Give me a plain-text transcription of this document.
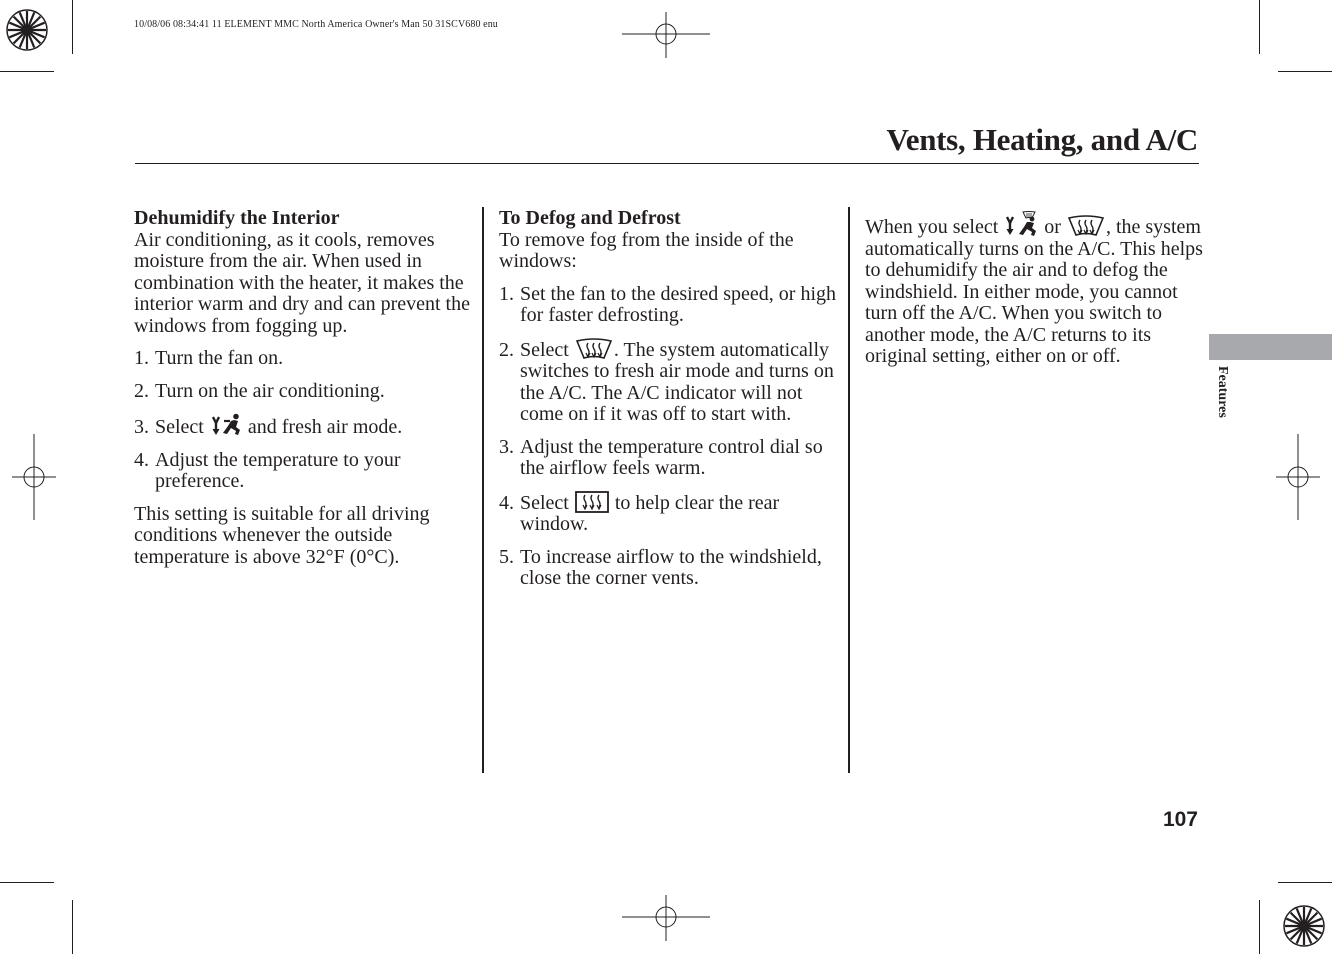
10/08/06 08:34:41 11 ELEMENT MMC North America Owner's Man 50 31SCV680 enu
Vents, Heating, and A/C
Dehumidify the Interior
Air conditioning, as it cools, removes moisture from the air. When used in combination with the heater, it makes the interior warm and dry and can prevent the windows from fogging up.
1. Turn the fan on.
2. Turn on the air conditioning.
3. Select and fresh air mode.
4. Adjust the temperature to your preference.
This setting is suitable for all driving conditions whenever the outside temperature is above 32°F (0°C).
To Defog and Defrost
To remove fog from the inside of the windows:
1. Set the fan to the desired speed, or high for faster defrosting.
2. Select . The system automatically switches to fresh air mode and turns on the A/C. The A/C indicator will not come on if it was off to start with.
3. Adjust the temperature control dial so the airflow feels warm.
4. Select to help clear the rear window.
5. To increase airflow to the windshield, close the corner vents.
When you select or , the system automatically turns on the A/C. This helps to dehumidify the air and to defog the windshield. In either mode, you cannot turn off the A/C. When you switch to another mode, the A/C returns to its original setting, either on or off.
Features
107
